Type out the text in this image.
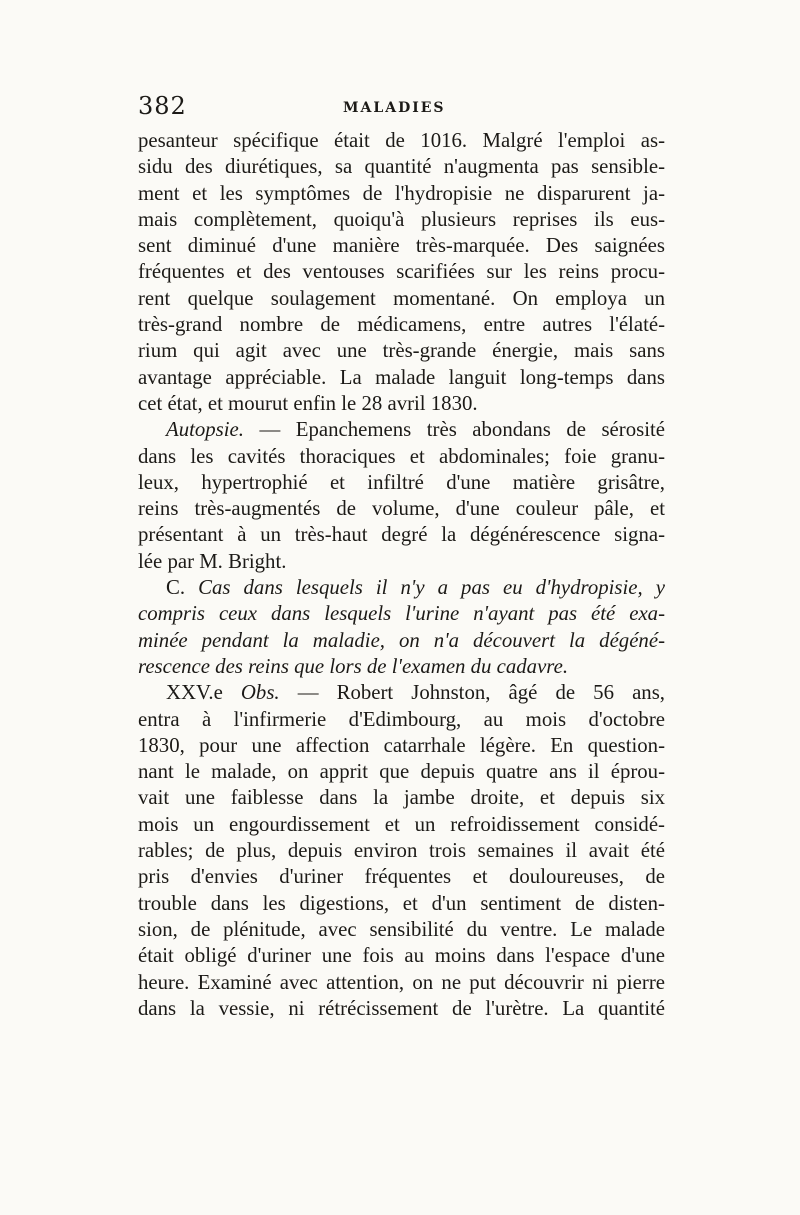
382	MALADIES
pesanteur spécifique était de 1016. Malgré l'emploi as-
sidu des diurétiques, sa quantité n'augmenta pas sensible-
ment et les symptômes de l'hydropisie ne disparurent ja-
mais complètement, quoiqu'à plusieurs reprises ils eus-
sent diminué d'une manière très-marquée. Des saignées
fréquentes et des ventouses scarifiées sur les reins procu-
rent quelque soulagement momentané. On employa un
très-grand nombre de médicamens, entre autres l'élaté-
rium qui agit avec une très-grande énergie, mais sans
avantage appréciable. La malade languit long-temps dans
cet état, et mourut enfin le 28 avril 1830.
Autopsie. — Epanchemens très abondans de sérosité
dans les cavités thoraciques et abdominales; foie granu-
leux, hypertrophié et infiltré d'une matière grisâtre,
reins très-augmentés de volume, d'une couleur pâle, et
présentant à un très-haut degré la dégénérescence signa-
lée par M. Bright.
C. Cas dans lesquels il n'y a pas eu d'hydropisie, y
compris ceux dans lesquels l'urine n'ayant pas été exa-
minée pendant la maladie, on n'a découvert la dégéné-
rescence des reins que lors de l'examen du cadavre.
XXV.e Obs. — Robert Johnston, âgé de 56 ans,
entra à l'infirmerie d'Edimbourg, au mois d'octobre
1830, pour une affection catarrhale légère. En question-
nant le malade, on apprit que depuis quatre ans il éprou-
vait une faiblesse dans la jambe droite, et depuis six
mois un engourdissement et un refroidissement considé-
rables; de plus, depuis environ trois semaines il avait été
pris d'envies d'uriner fréquentes et douloureuses, de
trouble dans les digestions, et d'un sentiment de disten-
sion, de plénitude, avec sensibilité du ventre. Le malade
était obligé d'uriner une fois au moins dans l'espace d'une
heure. Examiné avec attention, on ne put découvrir ni pierre
dans la vessie, ni rétrécissement de l'urètre. La quantité
